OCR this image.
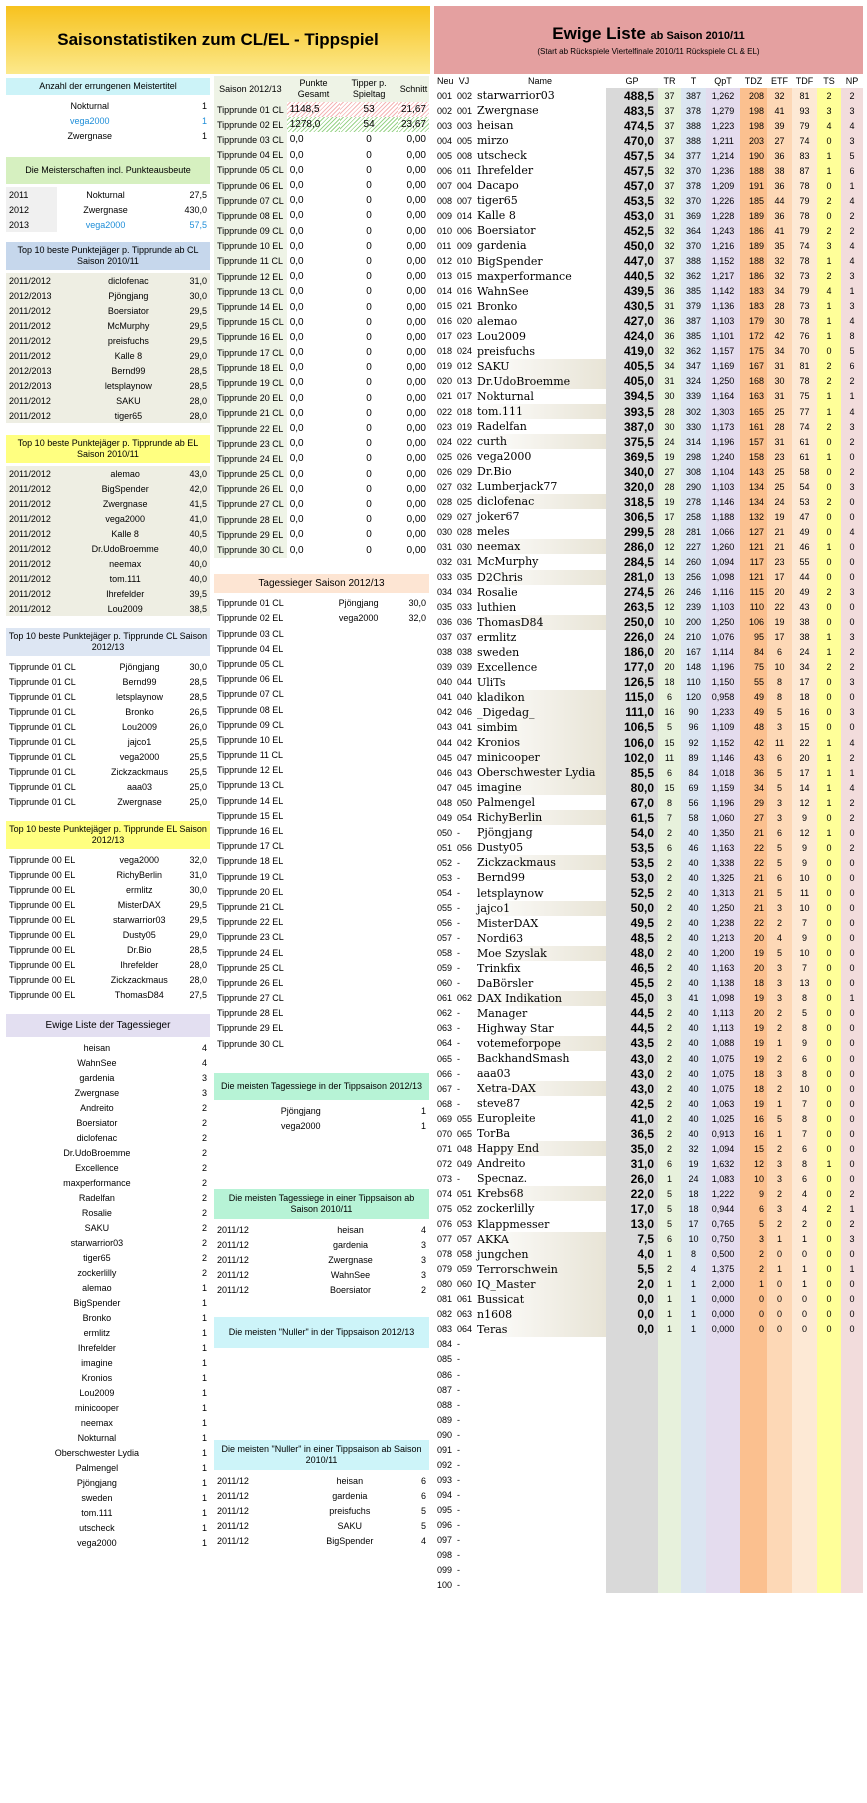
Saisonstatistiken zum CL/EL - Tippspiel
Anzahl der errungenen Meistertitel
Nokturnal	1
vega2000	1
Zwergnase	1
Die Meisterschaften incl. Punkteausbeute
2011	Nokturnal	27,5
2012	Zwergnase	430,0
2013	vega2000	57,5
Top 10 beste Punktejäger p. Tipprunde ab CL Saison 2010/11
2011/2012	diclofenac	31,0
2012/2013	Pjöngjang	30,0
2011/2012	Boersiator	29,5
2011/2012	McMurphy	29,5
2011/2012	preisfuchs	29,5
2011/2012	Kalle 8	29,0
2012/2013	Bernd99	28,5
2012/2013	letsplaynow	28,5
2011/2012	SAKU	28,0
2011/2012	tiger65	28,0
Top 10 beste Punktejäger p. Tipprunde ab EL Saison 2010/11
2011/2012	alemao	43,0
2011/2012	BigSpender	42,0
2011/2012	Zwergnase	41,5
2011/2012	vega2000	41,0
2011/2012	Kalle 8	40,5
2011/2012	Dr.UdoBroemme	40,0
2011/2012	neemax	40,0
2011/2012	tom.111	40,0
2011/2012	Ihrefelder	39,5
2011/2012	Lou2009	38,5
Top 10 beste Punktejäger p. Tipprunde CL Saison 2012/13
Tipprunde 01 CL	Pjöngjang	30,0
Tipprunde 01 CL	Bernd99	28,5
Tipprunde 01 CL	letsplaynow	28,5
Tipprunde 01 CL	Bronko	26,5
Tipprunde 01 CL	Lou2009	26,0
Tipprunde 01 CL	jajco1	25,5
Tipprunde 01 CL	vega2000	25,5
Tipprunde 01 CL	Zickzackmaus	25,5
Tipprunde 01 CL	aaa03	25,0
Tipprunde 01 CL	Zwergnase	25,0
Top 10 beste Punktejäger p. Tipprunde EL Saison 2012/13
Tipprunde 00 EL	vega2000	32,0
Tipprunde 00 EL	RichyBerlin	31,0
Tipprunde 00 EL	ermlitz	30,0
Tipprunde 00 EL	MisterDAX	29,5
Tipprunde 00 EL	starwarrior03	29,5
Tipprunde 00 EL	Dusty05	29,0
Tipprunde 00 EL	Dr.Bio	28,5
Tipprunde 00 EL	Ihrefelder	28,0
Tipprunde 00 EL	Zickzackmaus	28,0
Tipprunde 00 EL	ThomasD84	27,5
Ewige Liste der Tagessieger
heisan	4
WahnSee	4
gardenia	3
Zwergnase	3
Andreito	2
Boersiator	2
diclofenac	2
Dr.UdoBroemme	2
Excellence	2
maxperformance	2
Radelfan	2
Rosalie	2
SAKU	2
starwarrior03	2
tiger65	2
zockerlilly	2
alemao	1
BigSpender	1
Bronko	1
ermlitz	1
Ihrefelder	1
imagine	1
Kronios	1
Lou2009	1
minicooper	1
neemax	1
Nokturnal	1
Oberschwester Lydia	1
Palmengel	1
Pjöngjang	1
sweden	1
tom.111	1
utscheck	1
vega2000	1
Saison 2012/13	Punkte Gesamt	Tipper p. Spieltag	Schnitt
Tipprunde 01 CL	1148,5	53	21,67
Tipprunde 02 EL	1278,0	54	23,67
Tipprunde 03 CL	0,0	0	0,00
Tipprunde 04 EL	0,0	0	0,00
Tipprunde 05 CL	0,0	0	0,00
Tipprunde 06 EL	0,0	0	0,00
Tipprunde 07 CL	0,0	0	0,00
Tipprunde 08 EL	0,0	0	0,00
Tipprunde 09 CL	0,0	0	0,00
Tipprunde 10 EL	0,0	0	0,00
Tipprunde 11 CL	0,0	0	0,00
Tipprunde 12 EL	0,0	0	0,00
Tipprunde 13 CL	0,0	0	0,00
Tipprunde 14 EL	0,0	0	0,00
Tipprunde 15 CL	0,0	0	0,00
Tipprunde 16 EL	0,0	0	0,00
Tipprunde 17 CL	0,0	0	0,00
Tipprunde 18 EL	0,0	0	0,00
Tipprunde 19 CL	0,0	0	0,00
Tipprunde 20 EL	0,0	0	0,00
Tipprunde 21 CL	0,0	0	0,00
Tipprunde 22 EL	0,0	0	0,00
Tipprunde 23 CL	0,0	0	0,00
Tipprunde 24 EL	0,0	0	0,00
Tipprunde 25 CL	0,0	0	0,00
Tipprunde 26 EL	0,0	0	0,00
Tipprunde 27 CL	0,0	0	0,00
Tipprunde 28 EL	0,0	0	0,00
Tipprunde 29 EL	0,0	0	0,00
Tipprunde 30 CL	0,0	0	0,00
Tagessieger Saison 2012/13
Tipprunde 01 CL	Pjöngjang	30,0
Tipprunde 02 EL	vega2000	32,0
Tipprunde 03 CL		
Tipprunde 04 EL		
Tipprunde 05 CL		
Tipprunde 06 EL		
Tipprunde 07 CL		
Tipprunde 08 EL		
Tipprunde 09 CL		
Tipprunde 10 EL		
Tipprunde 11 CL		
Tipprunde 12 EL		
Tipprunde 13 CL		
Tipprunde 14 EL		
Tipprunde 15 EL		
Tipprunde 16 EL		
Tipprunde 17 CL		
Tipprunde 18 EL		
Tipprunde 19 CL		
Tipprunde 20 EL		
Tipprunde 21 CL		
Tipprunde 22 EL		
Tipprunde 23 CL		
Tipprunde 24 EL		
Tipprunde 25 CL		
Tipprunde 26 EL		
Tipprunde 27 CL		
Tipprunde 28 EL		
Tipprunde 29 EL		
Tipprunde 30 CL		
Die meisten Tagessiege in der Tippsaison 2012/13
Pjöngjang	1
vega2000	1
Die meisten Tagessiege in einer Tippsaison ab Saison 2010/11
2011/12	heisan	4
2011/12	gardenia	3
2011/12	Zwergnase	3
2011/12	WahnSee	3
2011/12	Boersiator	2
Die meisten "Nuller" in der Tippsaison 2012/13
Die meisten "Nuller" in einer Tippsaison ab Saison 2010/11
2011/12	heisan	6
2011/12	gardenia	6
2011/12	preisfuchs	5
2011/12	SAKU	5
2011/12	BigSpender	4
Ewige Liste ab Saison 2010/11
(Start ab Rückspiele Viertelfinale 2010/11 Rückspiele CL & EL)
Neu	VJ	Name	GP	TR	T	QpT	TDZ	ETF	TDF	TS	NP
001	002	starwarrior03	488,5	37	387	1,262	208	32	81	2	2
002	001	Zwergnase	483,5	37	378	1,279	198	41	93	3	3
003	003	heisan	474,5	37	388	1,223	198	39	79	4	4
004	005	mirzo	470,0	37	388	1,211	203	27	74	0	3
005	008	utscheck	457,5	34	377	1,214	190	36	83	1	5
006	011	Ihrefelder	457,5	32	370	1,236	188	38	87	1	6
007	004	Dacapo	457,0	37	378	1,209	191	36	78	0	1
008	007	tiger65	453,5	32	370	1,226	185	44	79	2	4
009	014	Kalle 8	453,0	31	369	1,228	189	36	78	0	2
010	006	Boersiator	452,5	32	364	1,243	186	41	79	2	2
011	009	gardenia	450,0	32	370	1,216	189	35	74	3	4
012	010	BigSpender	447,0	37	388	1,152	188	32	78	1	4
013	015	maxperformance	440,5	32	362	1,217	186	32	73	2	3
014	016	WahnSee	439,5	36	385	1,142	183	34	79	4	1
015	021	Bronko	430,5	31	379	1,136	183	28	73	1	3
016	020	alemao	427,0	36	387	1,103	179	30	78	1	4
017	023	Lou2009	424,0	36	385	1,101	172	42	76	1	8
018	024	preisfuchs	419,0	32	362	1,157	175	34	70	0	5
019	012	SAKU	405,5	34	347	1,169	167	31	81	2	6
020	013	Dr.UdoBroemme	405,0	31	324	1,250	168	30	78	2	2
021	017	Nokturnal	394,5	30	339	1,164	163	31	75	1	1
022	018	tom.111	393,5	28	302	1,303	165	25	77	1	4
023	019	Radelfan	387,0	30	330	1,173	161	28	74	2	3
024	022	curth	375,5	24	314	1,196	157	31	61	0	2
025	026	vega2000	369,5	19	298	1,240	158	23	61	1	0
026	029	Dr.Bio	340,0	27	308	1,104	143	25	58	0	2
027	032	Lumberjack77	320,0	28	290	1,103	134	25	54	0	3
028	025	diclofenac	318,5	19	278	1,146	134	24	53	2	0
029	027	joker67	306,5	17	258	1,188	132	19	47	0	0
030	028	meles	299,5	28	281	1,066	127	21	49	0	4
031	030	neemax	286,0	12	227	1,260	121	21	46	1	0
032	031	McMurphy	284,5	14	260	1,094	117	23	55	0	0
033	035	D2Chris	281,0	13	256	1,098	121	17	44	0	0
034	034	Rosalie	274,5	26	246	1,116	115	20	49	2	3
035	033	luthien	263,5	12	239	1,103	110	22	43	0	0
036	036	ThomasD84	250,0	10	200	1,250	106	19	38	0	0
037	037	ermlitz	226,0	24	210	1,076	95	17	38	1	3
038	038	sweden	186,0	20	167	1,114	84	6	24	1	2
039	039	Excellence	177,0	20	148	1,196	75	10	34	2	2
040	044	UliTs	126,5	18	110	1,150	55	8	17	0	3
041	040	kladikon	115,0	6	120	0,958	49	8	18	0	0
042	046	_Digedag_	111,0	16	90	1,233	49	5	16	0	3
043	041	simbim	106,5	5	96	1,109	48	3	15	0	0
044	042	Kronios	106,0	15	92	1,152	42	11	22	1	4
045	047	minicooper	102,0	11	89	1,146	43	6	20	1	2
046	043	Oberschwester Lydia	85,5	6	84	1,018	36	5	17	1	1
047	045	imagine	80,0	15	69	1,159	34	5	14	1	4
048	050	Palmengel	67,0	8	56	1,196	29	3	12	1	2
049	054	RichyBerlin	61,5	7	58	1,060	27	3	9	0	2
050	-	Pjöngjang	54,0	2	40	1,350	21	6	12	1	0
051	056	Dusty05	53,5	6	46	1,163	22	5	9	0	2
052	-	Zickzackmaus	53,5	2	40	1,338	22	5	9	0	0
053	-	Bernd99	53,0	2	40	1,325	21	6	10	0	0
054	-	letsplaynow	52,5	2	40	1,313	21	5	11	0	0
055	-	jajco1	50,0	2	40	1,250	21	3	10	0	0
056	-	MisterDAX	49,5	2	40	1,238	22	2	7	0	0
057	-	Nordi63	48,5	2	40	1,213	20	4	9	0	0
058	-	Moe Szyslak	48,0	2	40	1,200	19	5	10	0	0
059	-	Trinkfix	46,5	2	40	1,163	20	3	7	0	0
060	-	DaBörsler	45,5	2	40	1,138	18	3	13	0	0
061	062	DAX Indikation	45,0	3	41	1,098	19	3	8	0	1
062	-	Manager	44,5	2	40	1,113	20	2	5	0	0
063	-	Highway Star	44,5	2	40	1,113	19	2	8	0	0
064	-	votemeforpope	43,5	2	40	1,088	19	1	9	0	0
065	-	BackhandSmash	43,0	2	40	1,075	19	2	6	0	0
066	-	aaa03	43,0	2	40	1,075	18	3	8	0	0
067	-	Xetra-DAX	43,0	2	40	1,075	18	2	10	0	0
068	-	steve87	42,5	2	40	1,063	19	1	7	0	0
069	055	Europleite	41,0	2	40	1,025	16	5	8	0	0
070	065	TorBa	36,5	2	40	0,913	16	1	7	0	0
071	048	Happy End	35,0	2	32	1,094	15	2	6	0	0
072	049	Andreito	31,0	6	19	1,632	12	3	8	1	0
073	-	Specnaz.	26,0	1	24	1,083	10	3	6	0	0
074	051	Krebs68	22,0	5	18	1,222	9	2	4	0	2
075	052	zockerlilly	17,0	5	18	0,944	6	3	4	2	1
076	053	Klappmesser	13,0	5	17	0,765	5	2	2	0	2
077	057	AKKA	7,5	6	10	0,750	3	1	1	0	3
078	058	jungchen	4,0	1	8	0,500	2	0	0	0	0
079	059	Terrorschwein	5,5	2	4	1,375	2	1	1	0	1
080	060	IQ_Master	2,0	1	1	2,000	1	0	1	0	0
081	061	Bussicat	0,0	1	1	0,000	0	0	0	0	0
082	063	n1608	0,0	1	1	0,000	0	0	0	0	0
083	064	Teras	0,0	1	1	0,000	0	0	0	0	0
084	-										
085	-										
086	-										
087	-										
088	-										
089	-										
090	-										
091	-										
092	-										
093	-										
094	-										
095	-										
096	-										
097	-										
098	-										
099	-										
100	-										
